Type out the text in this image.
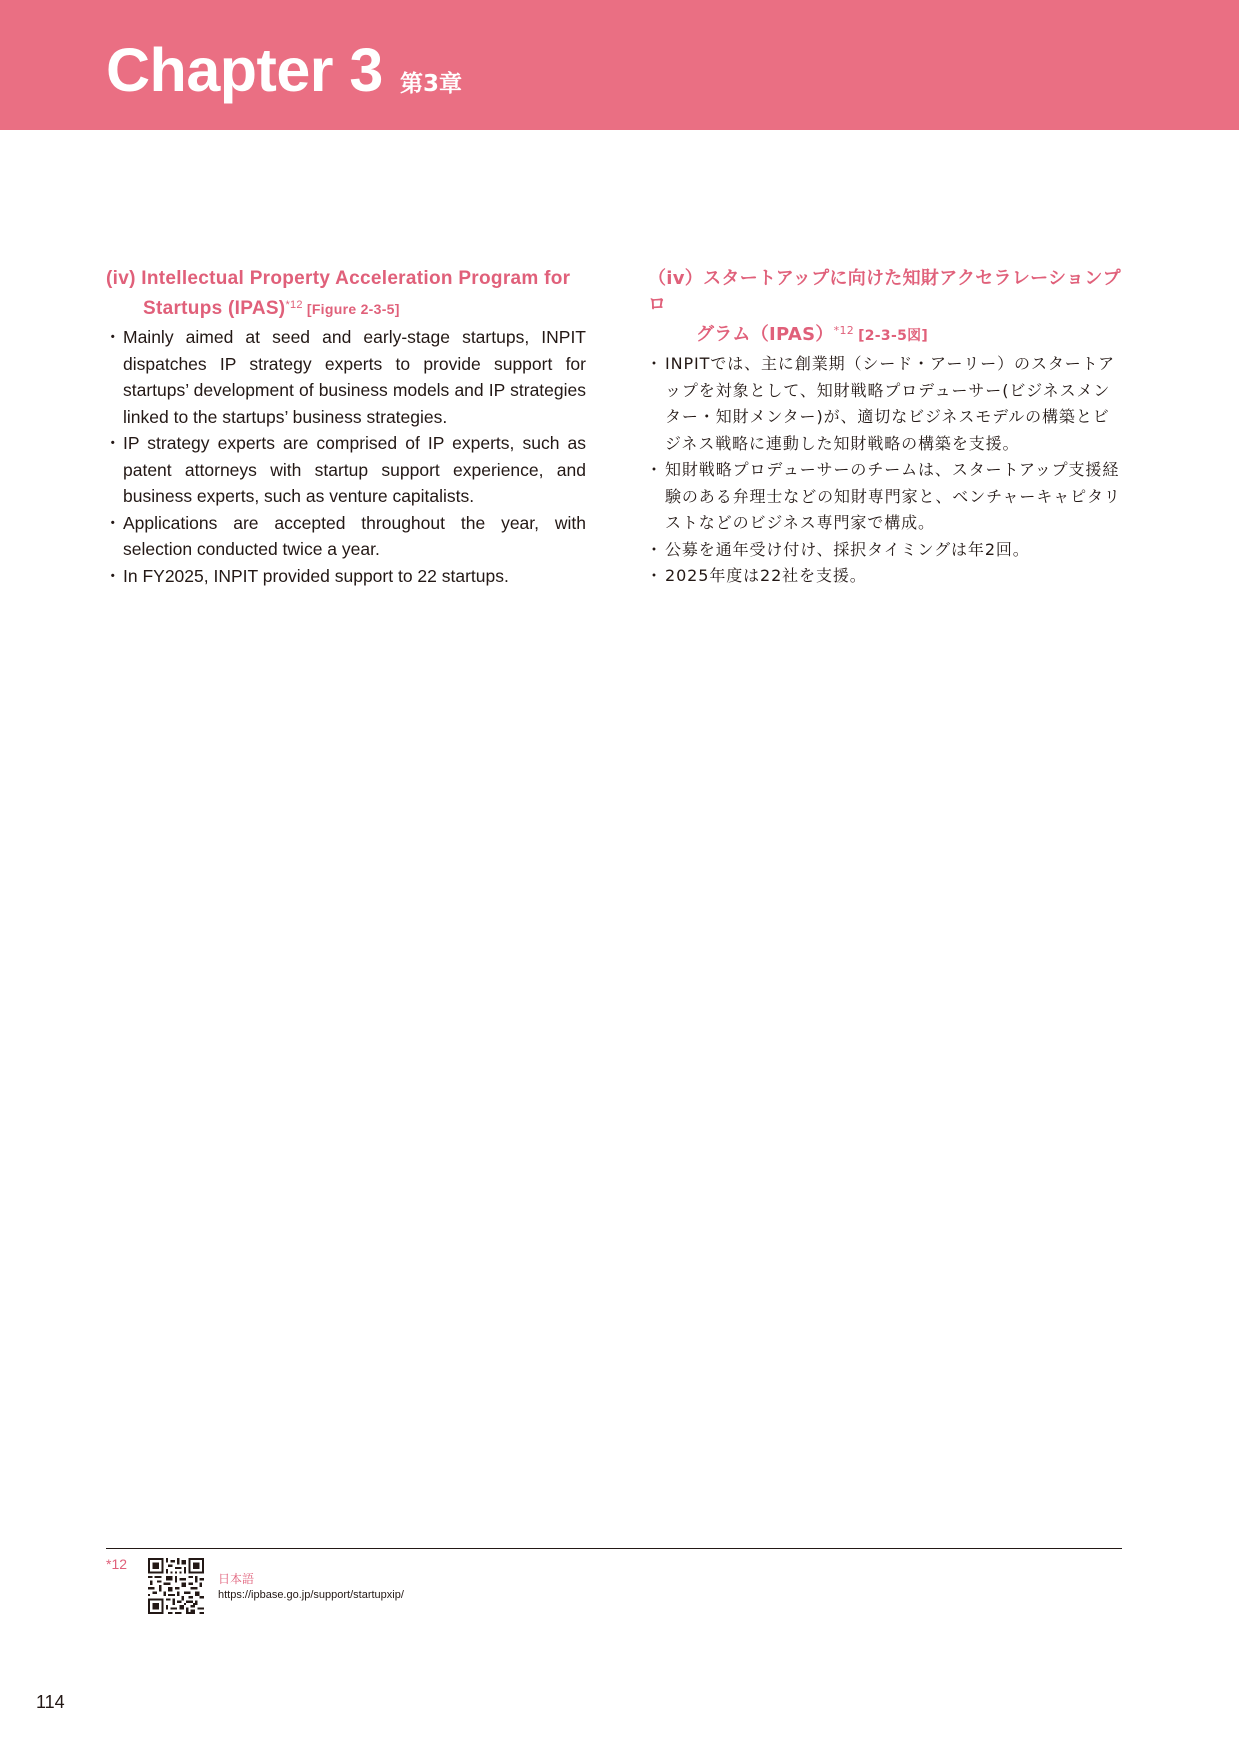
Chapter 3 第3章
(iv) Intellectual Property Acceleration Program for
Startups (IPAS)$^{*12}$ [Figure 2-3-5]
・ Mainly aimed at seed and early-stage startups, INPIT dispatches IP strategy experts to provide support for startups’ development of business models and IP strategies linked to the startups’ business strategies.
・ IP strategy experts are comprised of IP experts, such as patent attorneys with startup support experience, and business experts, such as venture capitalists.
・ Applications are accepted throughout the year, with selection conducted twice a year.
・ In FY2025, INPIT provided support to 22 startups.
（iv）スタートアップに向けた知財アクセラレーションプロ
グラム（IPAS）$^{*12}$ [2-3-5図]
・ INPITでは、主に創業期（シード・アーリー）のスタートアップを対象として、知財戦略プロデューサー(ビジネスメンター・知財メンター)が、適切なビジネスモデルの構築とビジネス戦略に連動した知財戦略の構築を支援。
・ 知財戦略プロデューサーのチームは、スタートアップ支援経験のある弁理士などの知財専門家と、ベンチャーキャピタリストなどのビジネス専門家で構成。
・ 公募を通年受け付け、採択タイミングは年2回。
・ 2025年度は22社を支援。
*12
日本語
https://ipbase.go.jp/support/startupxip/
114
